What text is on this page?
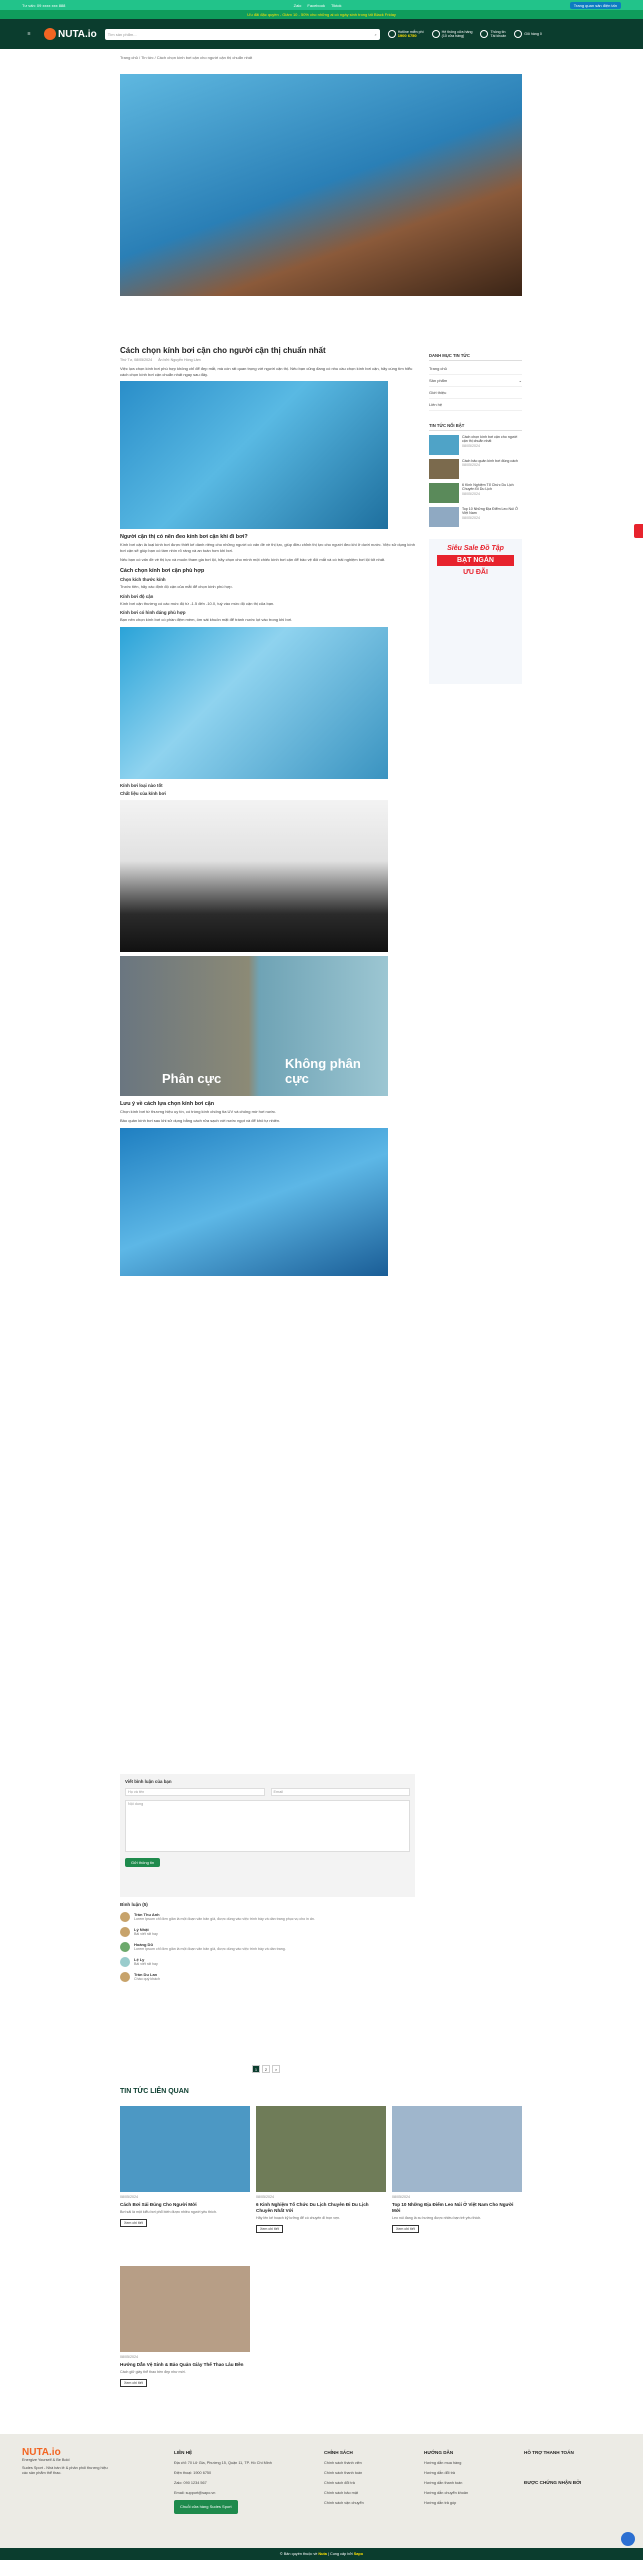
Tư vấn: 09 xxxx xxx 888	Zalo Facebook Tiktok	Trang quan sản điện tấn
Ưu đãi đặc quyền - Giảm 10 - 50% cho những ai có ngày sinh trong tất Black Friday
☰	NUTA.io	Tìm sản phẩm...	⌕	Hotline miễn phí
1900 6750
Hệ thống cửa hàng
(10 cửa hàng)
Thông tin
Tài khoản
Giỏ hàng 0
Trang chủ / Tin tức / Cách chọn kính bơi cận cho người cận thị chuẩn nhất
Cách chọn kính bơi cận cho người cận thị chuẩn nhất
Thứ Tư, 08/05/2024 Ăn bởi: Nguyễn Hồng Lâm

Việc lựa chọn kính bơi phù hợp không chỉ để đẹp mắt, mà còn rất quan trọng với người cận thị. Nếu bạn cũng đang có nhu cầu chọn kính bơi cận, hãy cùng tìm hiểu cách chọn kính bơi cận chuẩn nhất ngay sau đây.

Người cận thị có nên đeo kính bơi cận khi đi bơi?

Kính bơi cận là loại kính bơi được thiết kế dành riêng cho những người có vấn đề về thị lực, giúp điều chỉnh thị lực cho người đeo khi ở dưới nước. Việc sử dụng kính bơi cận sẽ giúp bạn có tầm nhìn rõ ràng và an toàn hơn khi bơi.

Nếu bạn có vấn đề về thị lực và muốn tham gia bơi lội, hãy chọn cho mình một chiếc kính bơi cận để bảo vệ đôi mắt và có trải nghiệm bơi lội tốt nhất.

Cách chọn kính bơi cận phù hợp
Chọn kích thước kính

Trước tiên, hãy xác định độ cận của mắt để chọn kính phù hợp.

Kính bơi độ cận

Kính bơi cận thường có các mức độ từ -1.5 đến -10.0, tuỳ vào mức độ cận thị của bạn.

Kính bơi có hình dáng phù hợp

Bạn nên chọn kính bơi có phần đệm mềm, ôm sát khuôn mặt để tránh nước lọt vào trong khi bơi.

Kính bơi loại nào tốt
Chất liệu của kính bơi
Phân cực
Không phân cực
Lưu ý về cách lựa chọn kính bơi cận

Chọn kính bơi từ thương hiệu uy tín, có tròng kính chống tia UV và chống mờ hơi nước.

Bảo quản kính bơi sau khi sử dụng bằng cách rửa sạch với nước ngọt và để khô tự nhiên.

DANH MỤC TIN TỨC
Trang chủ
Sản phẩm	⌄
Giới thiệu
Liên hệ
TIN TỨC NỔI BẬT
Cách chọn kính bơi cận cho người cận thị chuẩn nhất
08/05/2024
Cách bảo quản kính bơi đúng cách
08/05/2024
6 Kinh Nghiệm Tổ Chức Du Lịch Chuyên Đi Du Lịch
08/05/2024
Top 10 Những Địa Điểm Leo Núi Ở Việt Nam
08/05/2024
Siêu Sale Đồ Tập
BẠT NGÀN
ƯU ĐÃI
Viết bình luận của bạn
Họ và tên	Email
Nội dung
Gửi thông tin
Bình luận (5)
Trần Thu Anh
Lorem Ipsum chỉ đơn giản là một đoạn văn bản giả, được dùng vào việc trình bày và dàn trang phục vụ cho in ấn.
Lý Nhật
Bài viết rất hay
Hoàng Dũ
Lorem Ipsum chỉ đơn giản là một đoạn văn bản giả, được dùng vào việc trình bày và dàn trang.
Lệ Ly
Bài viết rất hay
Trần Du Lan
Chào quý khách
1	2	>
TIN TỨC LIÊN QUAN
08/05/2024
Cách Bơi Sải Đúng Cho Người Mới
Bơi sải là một kiểu bơi phổ biến được nhiều người yêu thích.
Xem chi tiết
08/05/2024
6 Kinh Nghiệm Tổ Chức Du Lịch Chuyên Đi Du Lịch Chuyên Nhất Với
Hãy lên kế hoạch kỹ lưỡng để có chuyến đi trọn vẹn.
Xem chi tiết
08/05/2024
Top 10 Những Địa Điểm Leo Núi Ở Việt Nam Cho Người Mới
Leo núi đang là xu hướng được nhiều bạn trẻ yêu thích.
Xem chi tiết
08/05/2024
Hướng Dẫn Vệ Sinh & Bảo Quản Giày Thể Thao Lâu Bền
Cách giữ giày thể thao bền đẹp như mới.
Xem chi tiết
NUTA.io
Energize Yourself & Be Bold
Sudes Sport - Nhà bán lẻ & phân phối thương hiệu các sản phẩm thể thao.
LIÊN HỆ
Địa chỉ: 70 Lữ Gia, Phường 15, Quận 11, TP. Hồ Chí Minh
Điện thoại: 1900 6750
Zalo: 090 1234 567
Email: support@sapo.vn
Chuỗi cửa hàng Sudes Sport
CHÍNH SÁCH
Chính sách thành viên
Chính sách thanh toán
Chính sách đổi trả
Chính sách bảo mật
Chính sách vận chuyển
HƯỚNG DẪN
Hướng dẫn mua hàng
Hướng dẫn đổi trả
Hướng dẫn thanh toán
Hướng dẫn chuyển khoản
Hướng dẫn trả góp
HỖ TRỢ THANH TOÁN
ĐƯỢC CHỨNG NHẬN BỞI
© Bản quyền thuộc về Nuta | Cung cấp bởi Sapo
